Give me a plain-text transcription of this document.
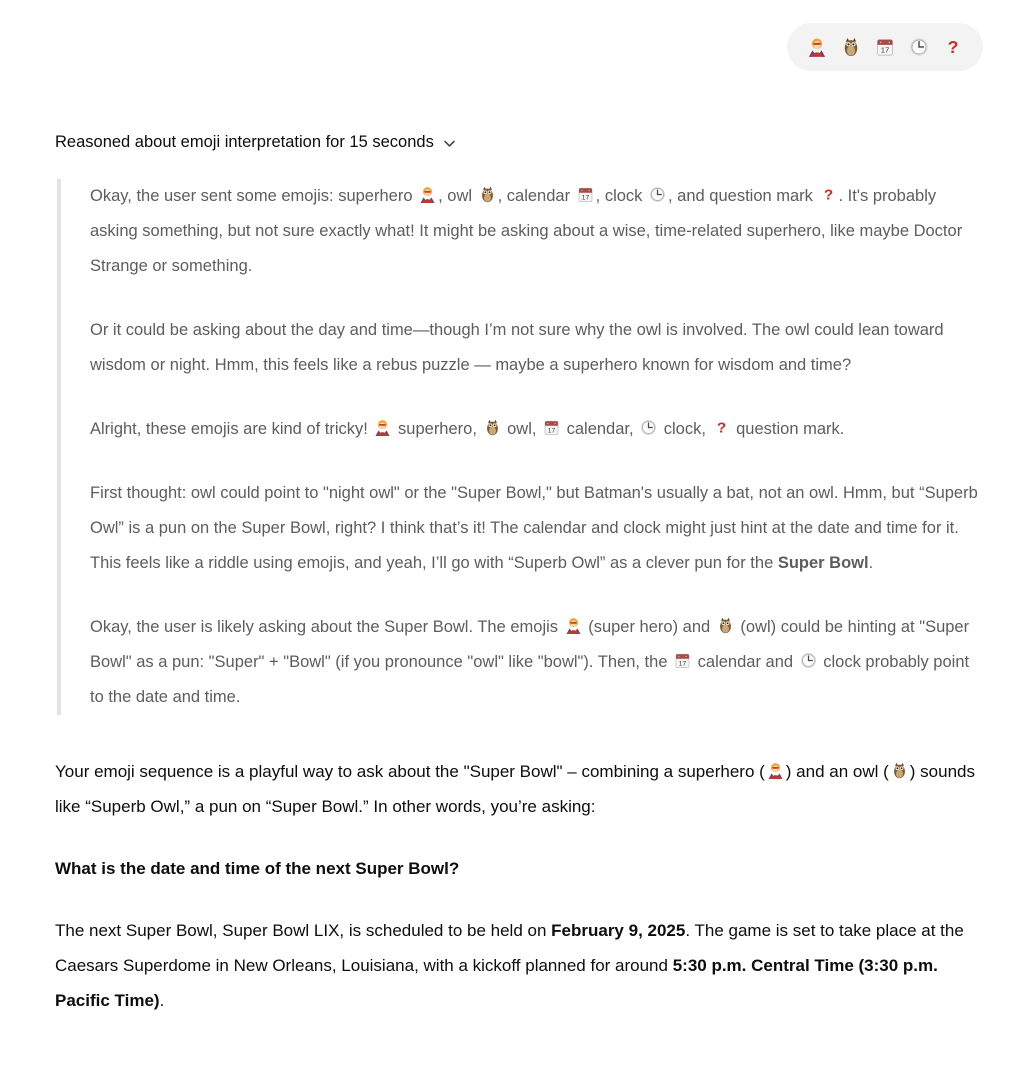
17	?
Reasoned about emoji interpretation for 15 seconds

Okay, the user sent some emojis: superhero
, owl
, calendar 17 , clock
, and question mark ? . It's probably asking something, but not sure exactly what! It might be asking about a wise, time-related superhero, like maybe Doctor Strange or something.

Or it could be asking about the day and time—though I’m not sure why the owl is involved. The owl could lean toward wisdom or night. Hmm, this feels like a rebus puzzle — maybe a superhero known for wisdom and time?

Alright, these emojis are kind of tricky!
superhero,
owl, 17 calendar,
clock, ? question mark.

First thought: owl could point to "night owl" or the "Super Bowl," but Batman's usually a bat, not an owl. Hmm, but “Superb Owl” is a pun on the Super Bowl, right? I think that’s it! The calendar and clock might just hint at the date and time for it. This feels like a riddle using emojis, and yeah, I’ll go with “Superb Owl” as a clever pun for the Super Bowl.

Okay, the user is likely asking about the Super Bowl. The emojis
(super hero) and
(owl) could be hinting at "Super Bowl" as a pun: "Super" + "Bowl" (if you pronounce "owl" like "bowl"). Then, the 17 calendar and
clock probably point to the date and time.

Your emoji sequence is a playful way to ask about the "Super Bowl" – combining a superhero ( ) and an owl ( ) sounds like “Superb Owl,” a pun on “Super Bowl.” In other words, you’re asking:

What is the date and time of the next Super Bowl?

The next Super Bowl, Super Bowl LIX, is scheduled to be held on February 9, 2025. The game is set to take place at the Caesars Superdome in New Orleans, Louisiana, with a kickoff planned for around 5:30 p.m. Central Time (3:30 p.m. Pacific Time).
